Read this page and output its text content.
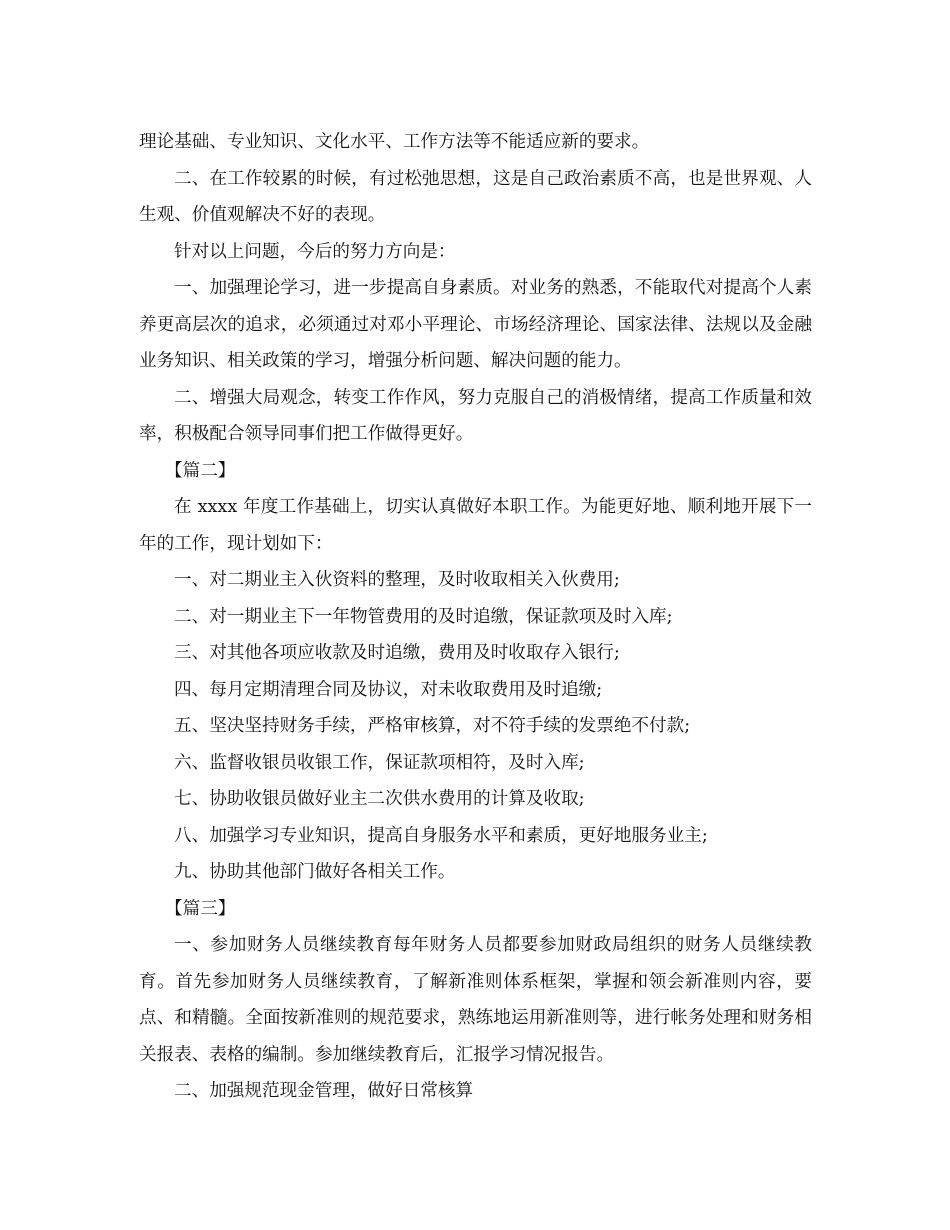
理论基础、专业知识、文化水平、工作方法等不能适应新的要求。

二、在工作较累的时候，有过松弛思想，这是自己政治素质不高，也是世界观、人生观、价值观解决不好的表现。

针对以上问题，今后的努力方向是：

一、加强理论学习，进一步提高自身素质。对业务的熟悉，不能取代对提高个人素养更高层次的追求，必须通过对邓小平理论、市场经济理论、国家法律、法规以及金融业务知识、相关政策的学习，增强分析问题、解决问题的能力。

二、增强大局观念，转变工作作风，努力克服自己的消极情绪，提高工作质量和效率，积极配合领导同事们把工作做得更好。

【篇二】

在 xxxx 年度工作基础上，切实认真做好本职工作。为能更好地、顺利地开展下一年的工作，现计划如下：

一、对二期业主入伙资料的整理，及时收取相关入伙费用;

二、对一期业主下一年物管费用的及时追缴，保证款项及时入库;

三、对其他各项应收款及时追缴，费用及时收取存入银行;

四、每月定期清理合同及协议，对未收取费用及时追缴;

五、坚决坚持财务手续，严格审核算，对不符手续的发票绝不付款;

六、监督收银员收银工作，保证款项相符，及时入库;

七、协助收银员做好业主二次供水费用的计算及收取;

八、加强学习专业知识，提高自身服务水平和素质，更好地服务业主;

九、协助其他部门做好各相关工作。

【篇三】

一、参加财务人员继续教育每年财务人员都要参加财政局组织的财务人员继续教育。首先参加财务人员继续教育，了解新准则体系框架，掌握和领会新准则内容，要点、和精髓。全面按新准则的规范要求，熟练地运用新准则等，进行帐务处理和财务相关报表、表格的编制。参加继续教育后，汇报学习情况报告。

二、加强规范现金管理，做好日常核算
